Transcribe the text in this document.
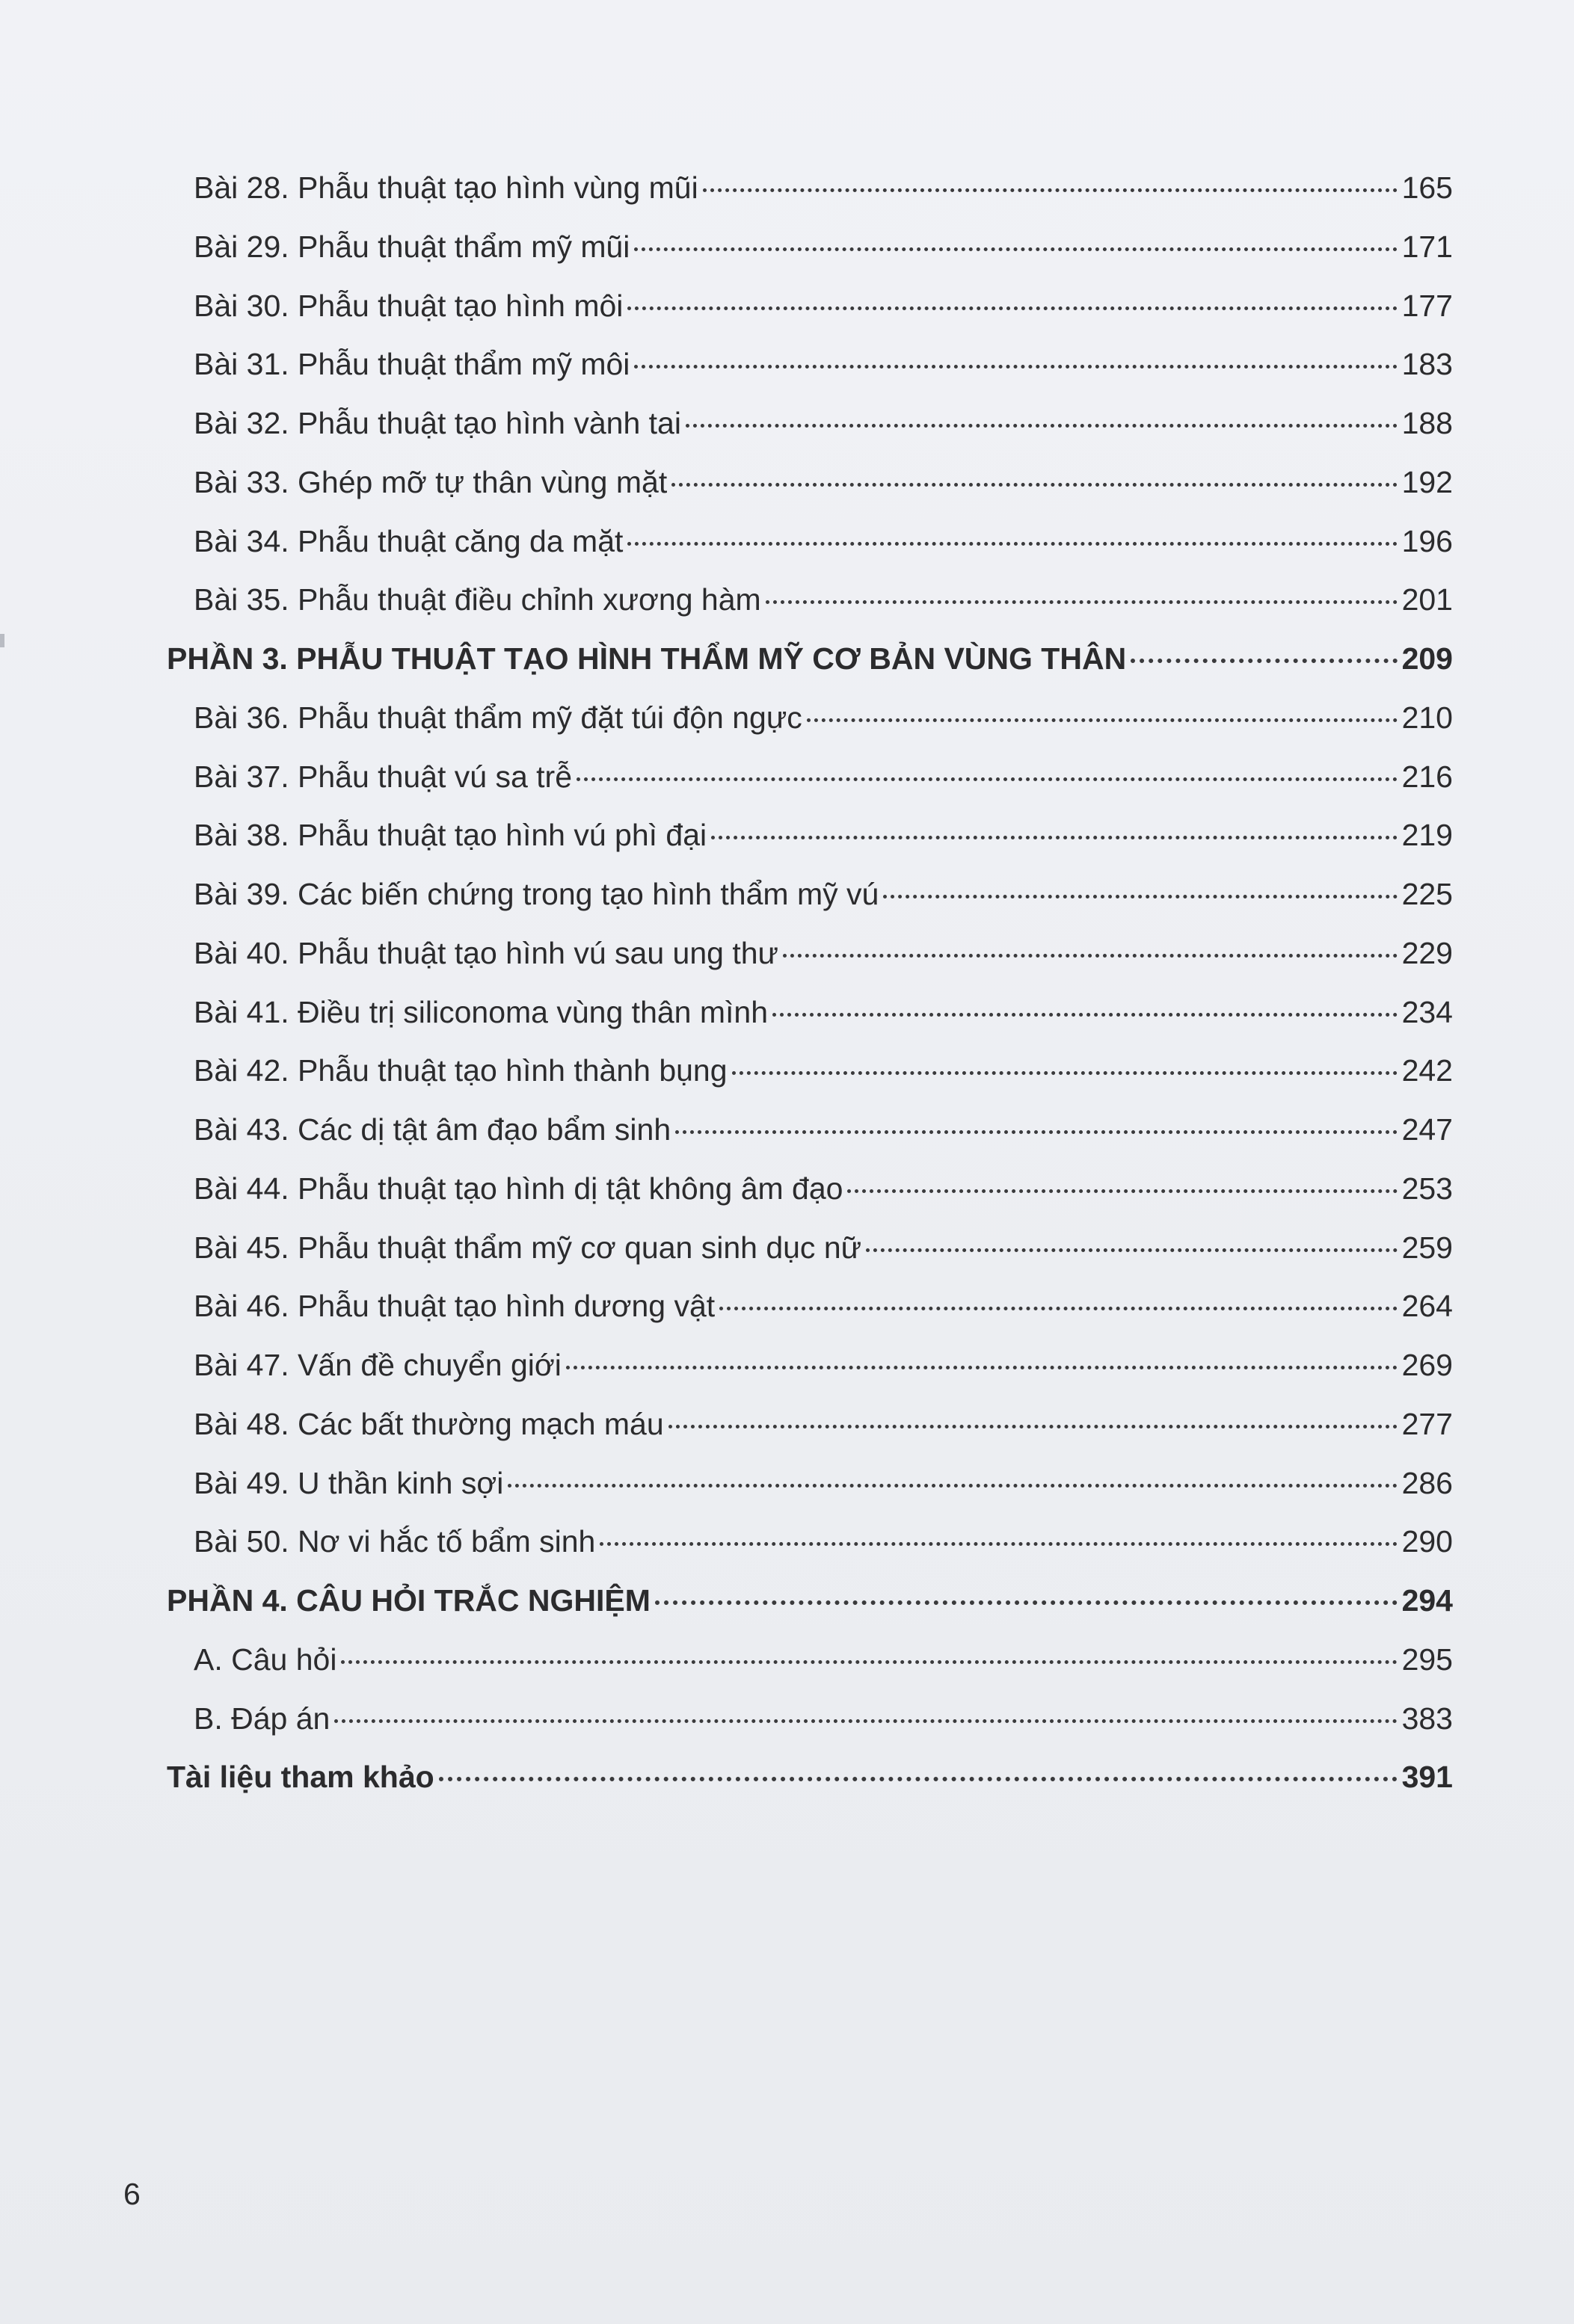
Bài 28. Phẫu thuật tạo hình vùng mũi	165
Bài 29. Phẫu thuật thẩm mỹ mũi	171
Bài 30. Phẫu thuật tạo hình môi	177
Bài 31. Phẫu thuật thẩm mỹ môi	183
Bài 32. Phẫu thuật tạo hình vành tai	188
Bài 33. Ghép mỡ tự thân vùng mặt	192
Bài 34. Phẫu thuật căng da mặt	196
Bài 35. Phẫu thuật điều chỉnh xương hàm	201
PHẦN 3. PHẪU THUẬT TẠO HÌNH THẨM MỸ CƠ BẢN VÙNG THÂN	209
Bài 36. Phẫu thuật thẩm mỹ đặt túi độn ngực	210
Bài 37. Phẫu thuật vú sa trễ	216
Bài 38. Phẫu thuật tạo hình vú phì đại	219
Bài 39. Các biến chứng trong tạo hình thẩm mỹ vú	225
Bài 40. Phẫu thuật tạo hình vú sau ung thư	229
Bài 41. Điều trị siliconoma vùng thân mình	234
Bài 42. Phẫu thuật tạo hình thành bụng	242
Bài 43. Các dị tật âm đạo bẩm sinh	247
Bài 44. Phẫu thuật tạo hình dị tật không âm đạo	253
Bài 45. Phẫu thuật thẩm mỹ cơ quan sinh dục nữ	259
Bài 46. Phẫu thuật tạo hình dương vật	264
Bài 47. Vấn đề chuyển giới	269
Bài 48. Các bất thường mạch máu	277
Bài 49. U thần kinh sợi	286
Bài 50. Nơ vi hắc tố bẩm sinh	290
PHẦN 4. CÂU HỎI TRẮC NGHIỆM	294
A. Câu hỏi	295
B. Đáp án	383
Tài liệu tham khảo	391
6
